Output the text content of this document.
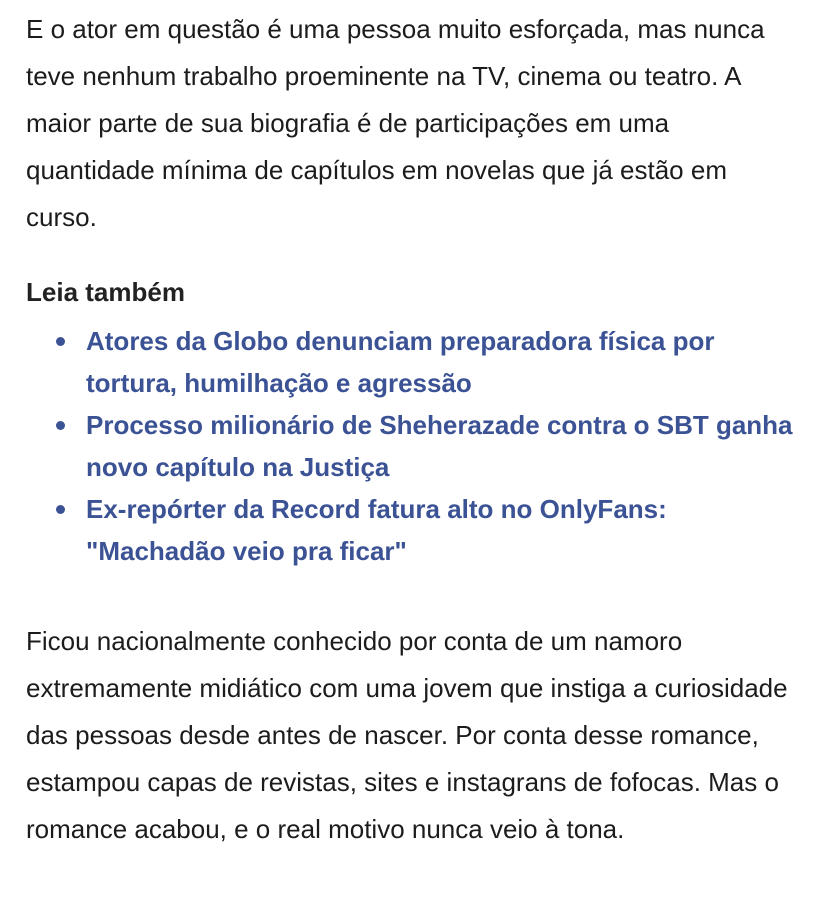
E o ator em questão é uma pessoa muito esforçada, mas nunca teve nenhum trabalho proeminente na TV, cinema ou teatro. A maior parte de sua biografia é de participações em uma quantidade mínima de capítulos em novelas que já estão em curso.

Leia também
Atores da Globo denunciam preparadora física por tortura, humilhação e agressão
Processo milionário de Sheherazade contra o SBT ganha novo capítulo na Justiça
Ex-repórter da Record fatura alto no OnlyFans: "Machadão veio pra ficar"

Ficou nacionalmente conhecido por conta de um namoro extremamente midiático com uma jovem que instiga a curiosidade das pessoas desde antes de nascer. Por conta desse romance, estampou capas de revistas, sites e instagrans de fofocas. Mas o romance acabou, e o real motivo nunca veio à tona.
